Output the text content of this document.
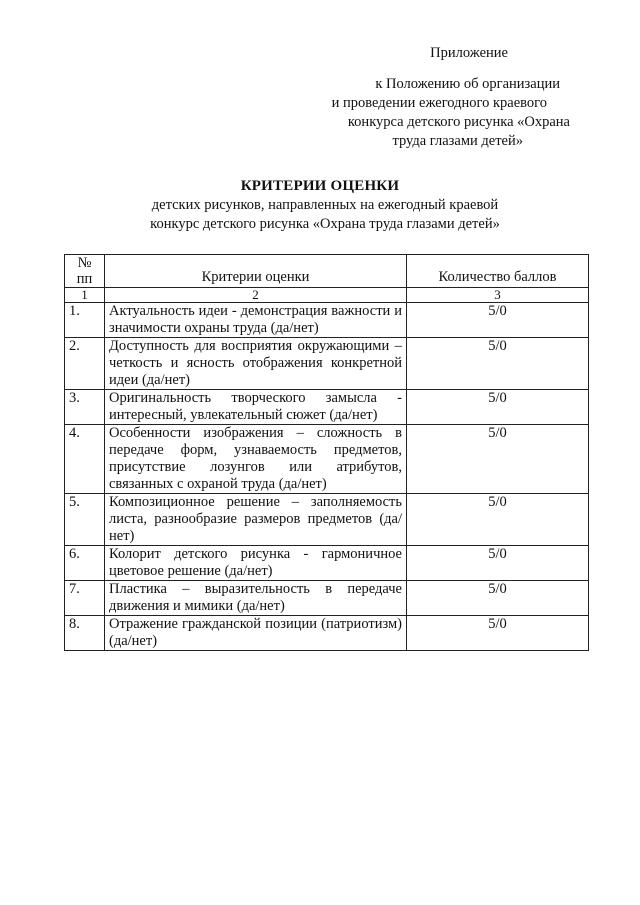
Приложение
к Положению об организации
и проведении ежегодного краевого
конкурса детского рисунка «Охрана
труда глазами детей»
КРИТЕРИИ ОЦЕНКИ
детских рисунков, направленных на ежегодный краевой
конкурс детского рисунка «Охрана труда глазами детей»
№
пп	Критерии оценки	Количество баллов
1	2	3
1.	Актуальность идеи - демонстрация важности и значимости охраны труда (да/нет)	5/0
2.	Доступность для восприятия окружающими – четкость и ясность отображения конкретной идеи (да/нет)	5/0
3.	Оригинальность творческого замысла - интересный, увлекательный сюжет (да/нет)	5/0
4.	Особенности изображения – сложность в передаче форм, узнаваемость предметов, присутствие лозунгов или атрибутов, связанных с охраной труда (да/нет)	5/0
5.	Композиционное решение – заполняемость листа, разнообразие размеров предметов (да/нет)	5/0
6.	Колорит детского рисунка - гармоничное цветовое решение (да/нет)	5/0
7.	Пластика – выразительность в передаче движения и мимики (да/нет)	5/0
8.	Отражение гражданской позиции (патриотизм) (да/нет)	5/0
